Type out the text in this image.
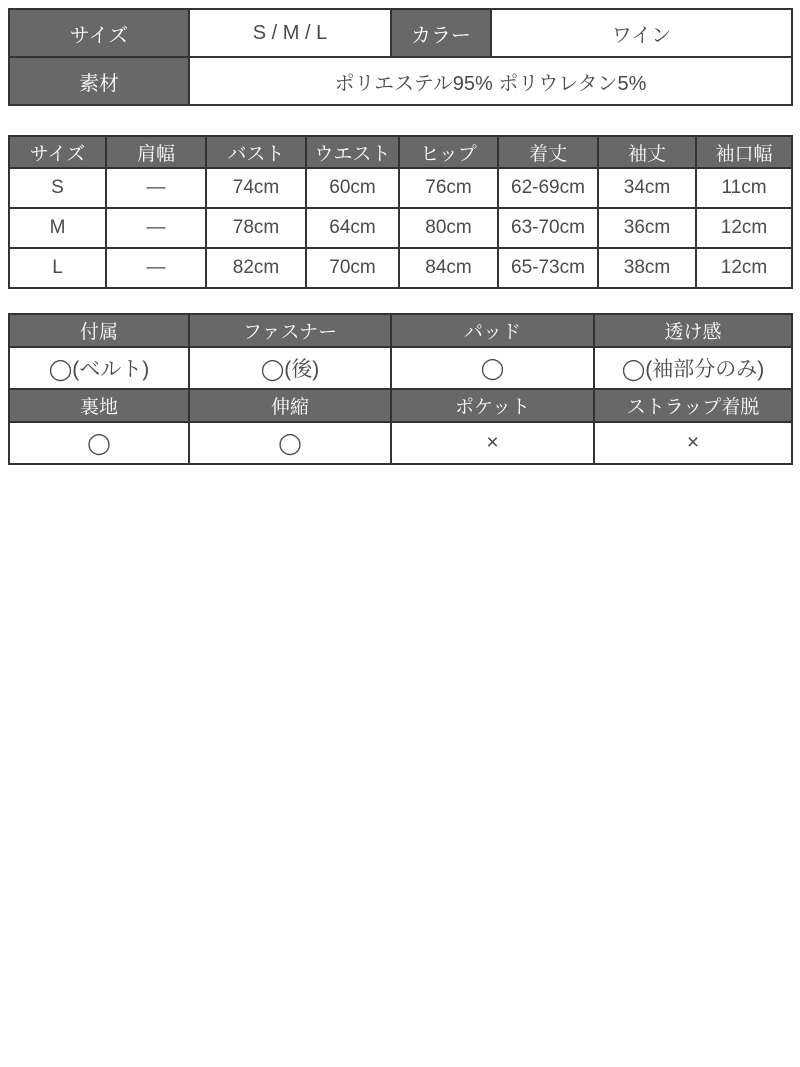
サイズ	S / M / L	カラー	ワイン
素材	ポリエステル95% ポリウレタン5%		
サイズ	肩幅	バスト	ウエスト	ヒップ	着丈	袖丈	袖口幅
S	―	74cm	60cm	76cm	62-69cm	34cm	11cm
M	―	78cm	64cm	80cm	63-70cm	36cm	12cm
L	―	82cm	70cm	84cm	65-73cm	38cm	12cm
付属	ファスナー	パッド	透け感
◯(ベルト)	◯(後)	◯	◯(袖部分のみ)
裏地	伸縮	ポケット	ストラップ着脱
◯	◯	×	×
